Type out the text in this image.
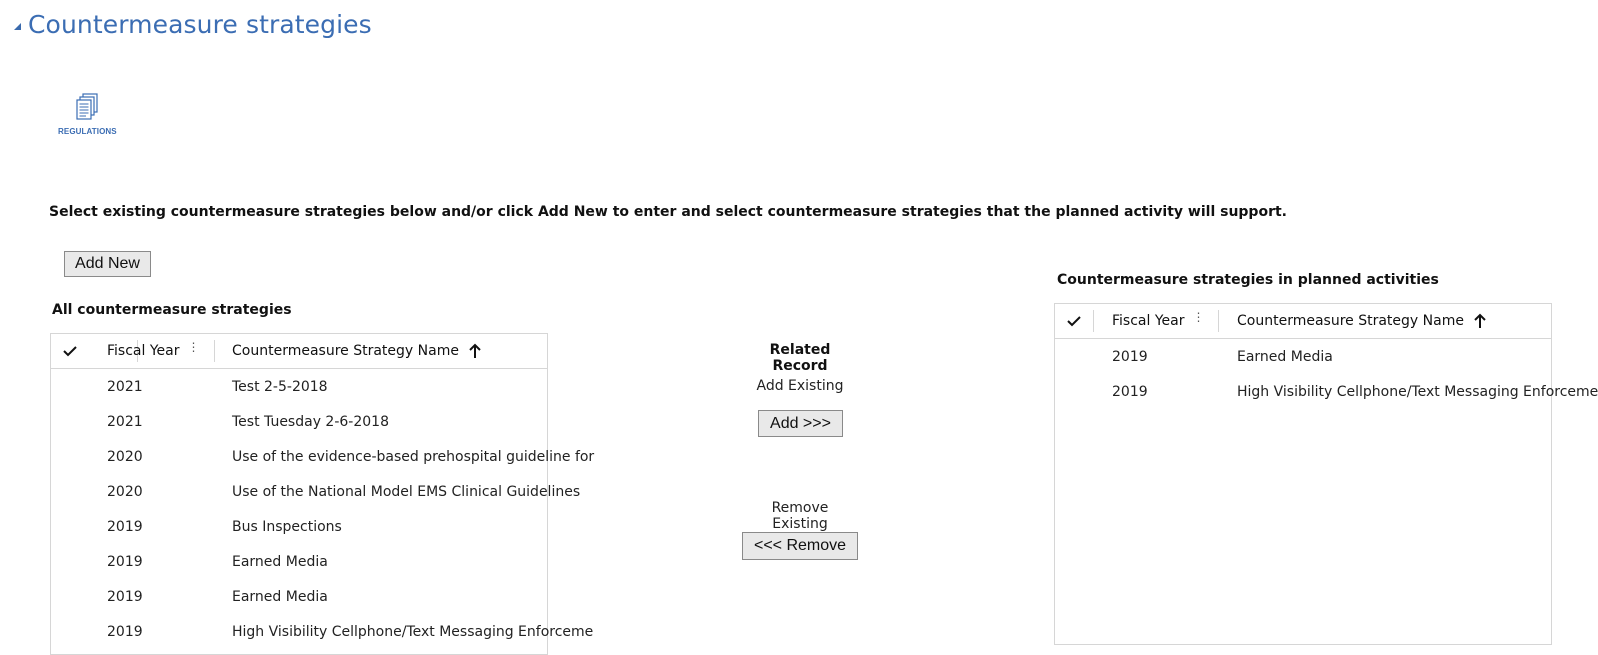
Countermeasure strategies
REGULATIONS
Select existing countermeasure strategies below and/or click Add New to enter and select countermeasure strategies that the planned activity will support.
Add New
All countermeasure strategies
Fiscal Year ⋮ Countermeasure Strategy Name
2021	Test 2-5-2018
2021	Test Tuesday 2-6-2018
2020	Use of the evidence-based prehospital guideline for
2020	Use of the National Model EMS Clinical Guidelines
2019	Bus Inspections
2019	Earned Media
2019	Earned Media
2019	High Visibility Cellphone/Text Messaging Enforceme
Related Record
Add Existing
Add >>>
Remove Existing
<<< Remove
Countermeasure strategies in planned activities
Fiscal Year ⋮ Countermeasure Strategy Name
2019	Earned Media
2019	High Visibility Cellphone/Text Messaging Enforceme
